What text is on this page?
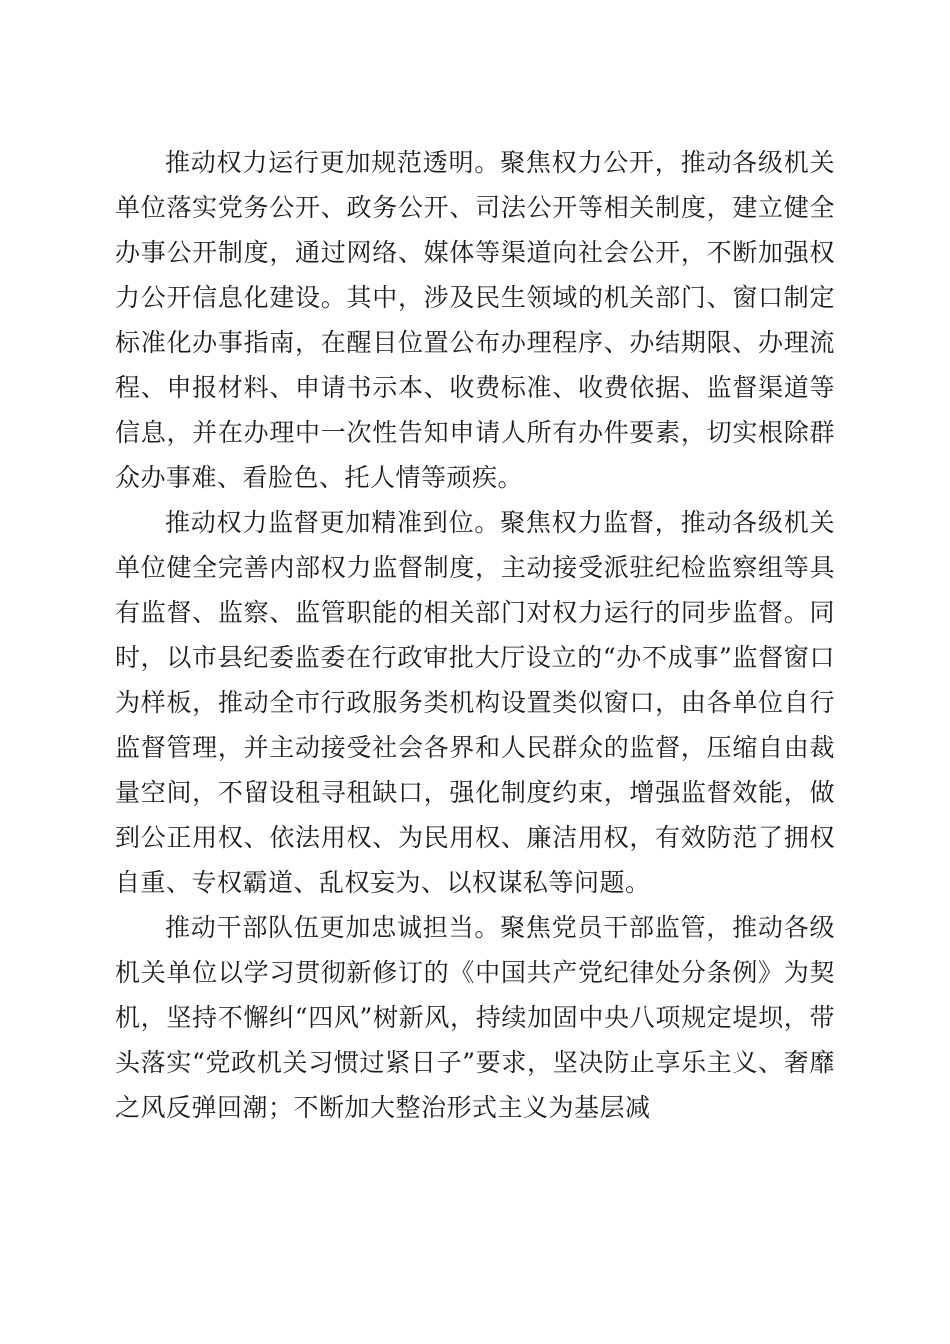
推动权力运行更加规范透明。聚焦权力公开，推动各级机关单位落实党务公开、政务公开、司法公开等相关制度，建立健全办事公开制度，通过网络、媒体等渠道向社会公开，不断加强权力公开信息化建设。其中，涉及民生领域的机关部门、窗口制定标准化办事指南，在醒目位置公布办理程序、办结期限、办理流程、申报材料、申请书示本、收费标准、收费依据、监督渠道等信息，并在办理中一次性告知申请人所有办件要素，切实根除群众办事难、看脸色、托人情等顽疾。

推动权力监督更加精准到位。聚焦权力监督，推动各级机关单位健全完善内部权力监督制度，主动接受派驻纪检监察组等具有监督、监察、监管职能的相关部门对权力运行的同步监督。同时，以市县纪委监委在行政审批大厅设立的“办不成事”监督窗口为样板，推动全市行政服务类机构设置类似窗口，由各单位自行监督管理，并主动接受社会各界和人民群众的监督，压缩自由裁量空间，不留设租寻租缺口，强化制度约束，增强监督效能，做到公正用权、依法用权、为民用权、廉洁用权，有效防范了拥权自重、专权霸道、乱权妄为、以权谋私等问题。

推动干部队伍更加忠诚担当。聚焦党员干部监管，推动各级机关单位以学习贯彻新修订的《中国共产党纪律处分条例》为契机，坚持不懈纠“四风”树新风，持续加固中央八项规定堤坝，带头落实“党政机关习惯过紧日子”要求，坚决防止享乐主义、奢靡之风反弹回潮；不断加大整治形式主义为基层减
